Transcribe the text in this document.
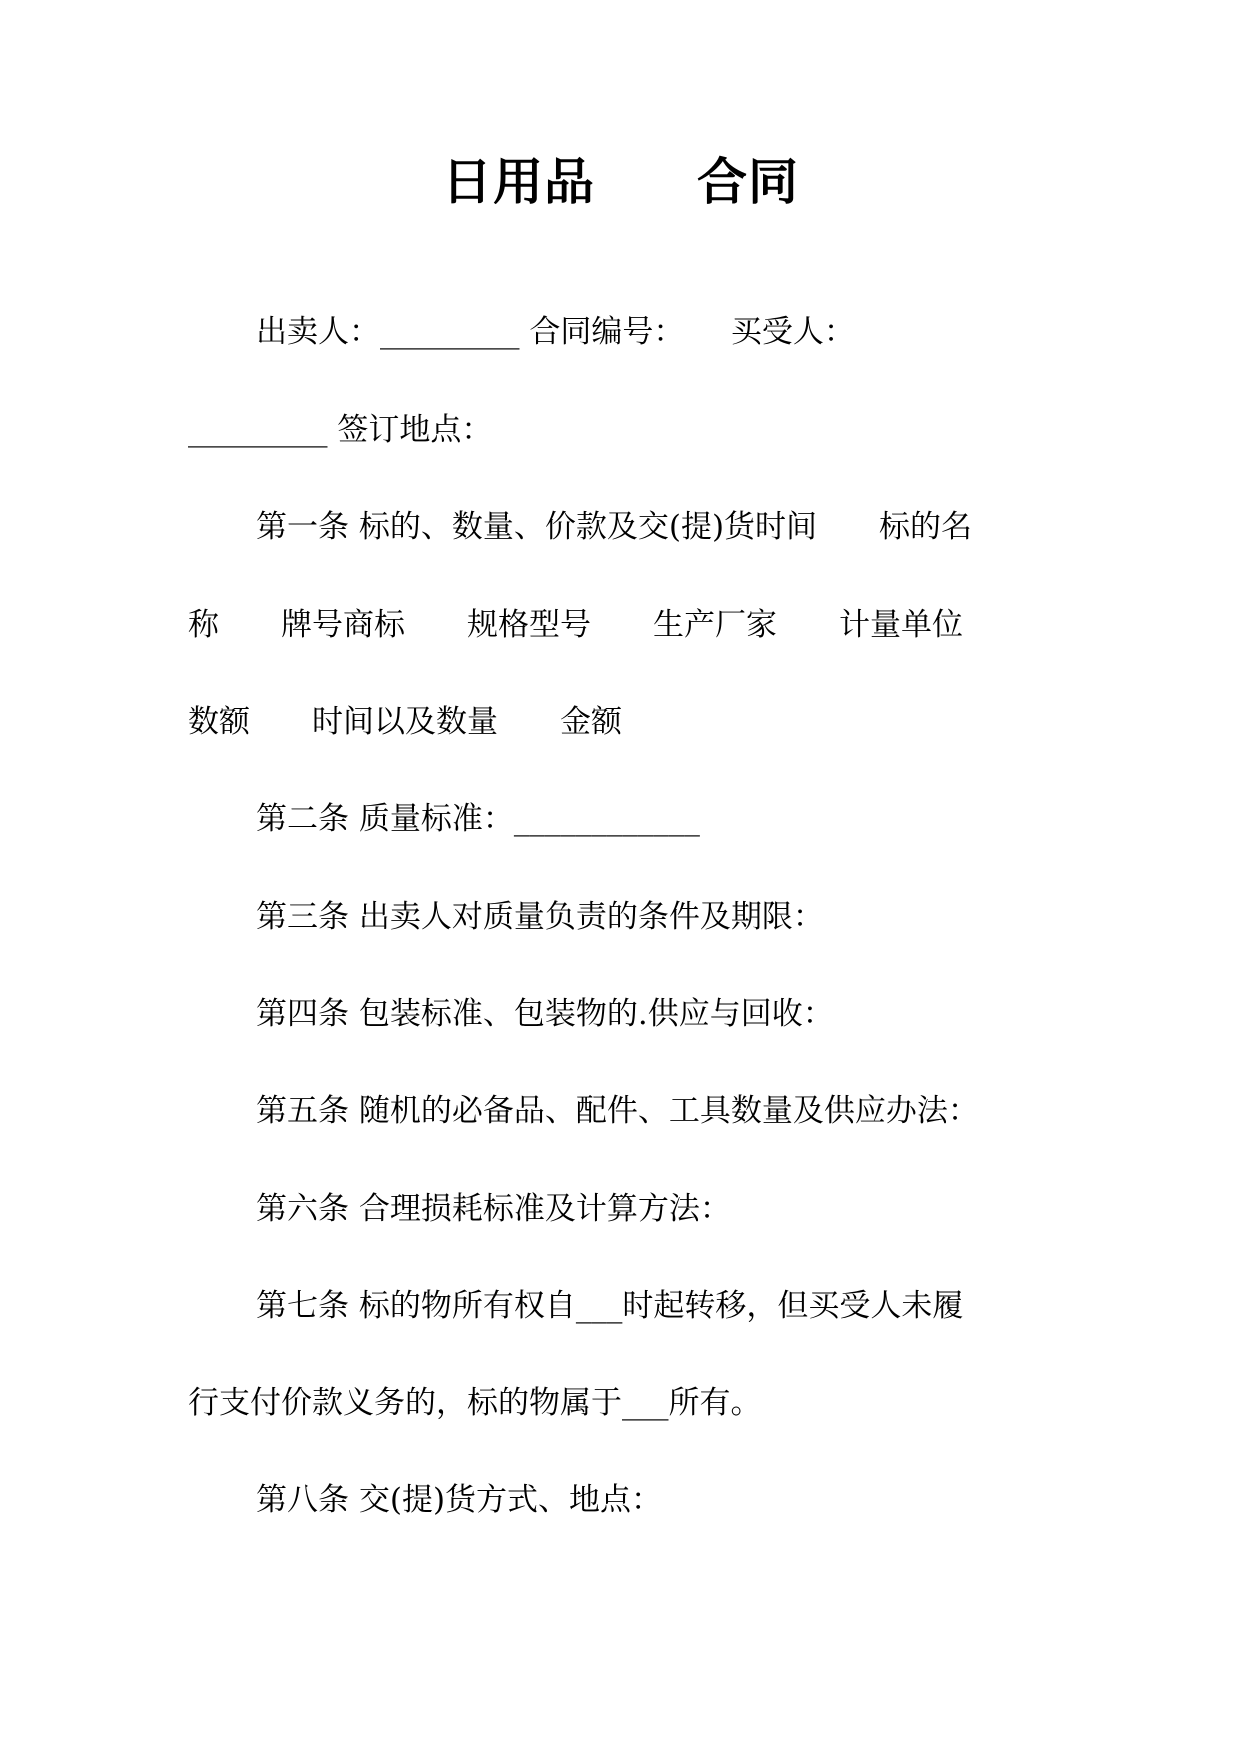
日用品　　合同
出卖人：_________ 合同编号：　　买受人：
_________ 签订地点：
第一条 标的、数量、价款及交(提)货时间　　标的名
称　　牌号商标　　规格型号　　生产厂家　　计量单位
数额　　时间以及数量　　金额
第二条 质量标准：____________
第三条 出卖人对质量负责的条件及期限：
第四条 包装标准、包装物的.供应与回收：
第五条 随机的必备品、配件、工具数量及供应办法：
第六条 合理损耗标准及计算方法：
第七条 标的物所有权自___时起转移，但买受人未履
行支付价款义务的，标的物属于___所有。
第八条 交(提)货方式、地点：
